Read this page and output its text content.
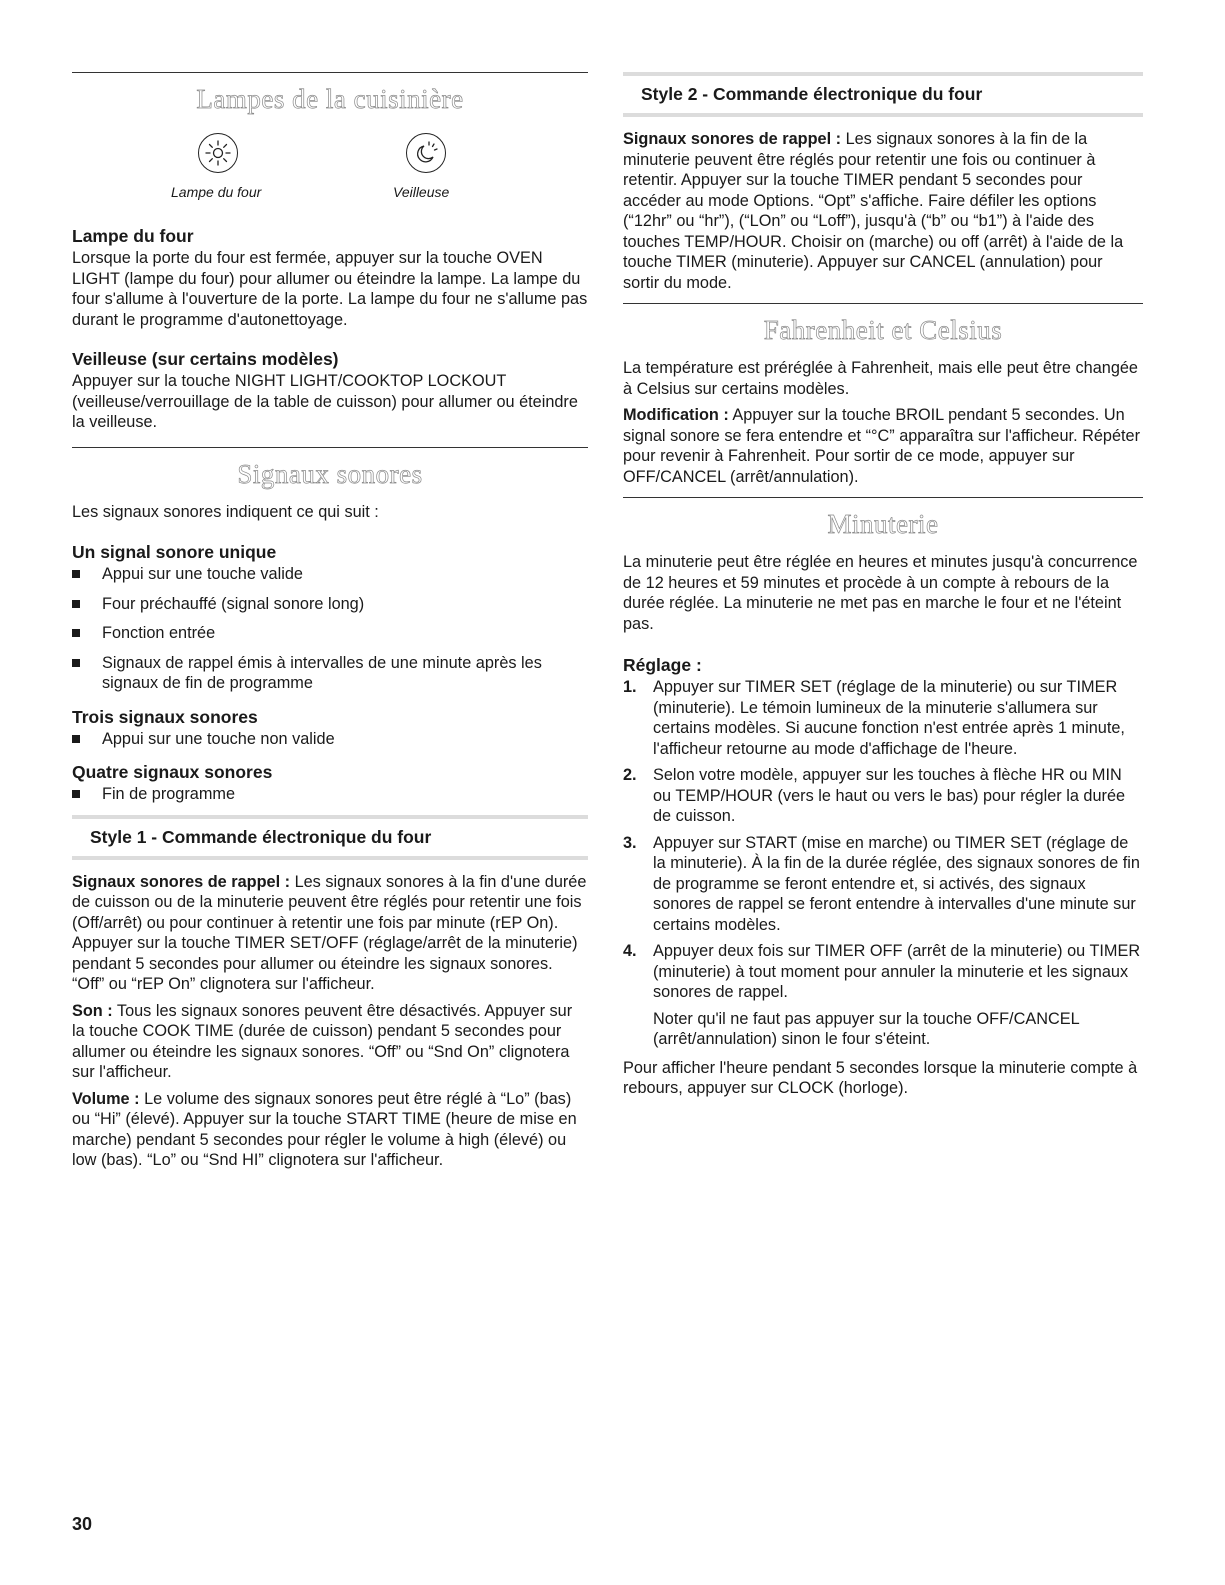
Lampes de la cuisinière
Lampe du four	Veilleuse
Lampe du four

Lorsque la porte du four est fermée, appuyer sur la touche OVEN LIGHT (lampe du four) pour allumer ou éteindre la lampe. La lampe du four s'allume à l'ouverture de la porte. La lampe du four ne s'allume pas durant le programme d'autonettoyage.

Veilleuse (sur certains modèles)

Appuyer sur la touche NIGHT LIGHT/COOKTOP LOCKOUT (veilleuse/verrouillage de la table de cuisson) pour allumer ou éteindre la veilleuse.

Signaux sonores

Les signaux sonores indiquent ce qui suit :

Un signal sonore unique
Appui sur une touche valide
Four préchauffé (signal sonore long)
Fonction entrée
Signaux de rappel émis à intervalles de une minute après les signaux de fin de programme
Trois signaux sonores
Appui sur une touche non valide
Quatre signaux sonores
Fin de programme
Style 1 - Commande électronique du four

Signaux sonores de rappel : Les signaux sonores à la fin d'une durée de cuisson ou de la minuterie peuvent être réglés pour retentir une fois (Off/arrêt) ou pour continuer à retentir une fois par minute (rEP On). Appuyer sur la touche TIMER SET/OFF (réglage/arrêt de la minuterie) pendant 5 secondes pour allumer ou éteindre les signaux sonores. “Off” ou “rEP On” clignotera sur l'afficheur.

Son : Tous les signaux sonores peuvent être désactivés. Appuyer sur la touche COOK TIME (durée de cuisson) pendant 5 secondes pour allumer ou éteindre les signaux sonores. “Off” ou “Snd On” clignotera sur l'afficheur.

Volume : Le volume des signaux sonores peut être réglé à “Lo” (bas) ou “Hi” (élevé). Appuyer sur la touche START TIME (heure de mise en marche) pendant 5 secondes pour régler le volume à high (élevé) ou low (bas). “Lo” ou “Snd HI” clignotera sur l'afficheur.

Style 2 - Commande électronique du four

Signaux sonores de rappel : Les signaux sonores à la fin de la minuterie peuvent être réglés pour retentir une fois ou continuer à retentir. Appuyer sur la touche TIMER pendant 5 secondes pour accéder au mode Options. “Opt” s'affiche. Faire défiler les options (“12hr” ou “hr”), (“LOn” ou “Loff”), jusqu'à (“b” ou “b1”) à l'aide des touches TEMP/HOUR. Choisir on (marche) ou off (arrêt) à l'aide de la touche TIMER (minuterie). Appuyer sur CANCEL (annulation) pour sortir du mode.

Fahrenheit et Celsius

La température est préréglée à Fahrenheit, mais elle peut être changée à Celsius sur certains modèles.

Modification : Appuyer sur la touche BROIL pendant 5 secondes. Un signal sonore se fera entendre et “°C” apparaîtra sur l'afficheur. Répéter pour revenir à Fahrenheit. Pour sortir de ce mode, appuyer sur OFF/CANCEL (arrêt/annulation).

Minuterie

La minuterie peut être réglée en heures et minutes jusqu'à concurrence de 12 heures et 59 minutes et procède à un compte à rebours de la durée réglée. La minuterie ne met pas en marche le four et ne l'éteint pas.

Réglage :
1. Appuyer sur TIMER SET (réglage de la minuterie) ou sur TIMER (minuterie). Le témoin lumineux de la minuterie s'allumera sur certains modèles. Si aucune fonction n'est entrée après 1 minute, l'afficheur retourne au mode d'affichage de l'heure.

2. Selon votre modèle, appuyer sur les touches à flèche HR ou MIN ou TEMP/HOUR (vers le haut ou vers le bas) pour régler la durée de cuisson.

3. Appuyer sur START (mise en marche) ou TIMER SET (réglage de la minuterie). À la fin de la durée réglée, des signaux sonores de fin de programme se feront entendre et, si activés, des signaux sonores de rappel se feront entendre à intervalles d'une minute sur certains modèles.

4. Appuyer deux fois sur TIMER OFF (arrêt de la minuterie) ou TIMER (minuterie) à tout moment pour annuler la minuterie et les signaux sonores de rappel.

Noter qu'il ne faut pas appuyer sur la touche OFF/CANCEL (arrêt/annulation) sinon le four s'éteint.

Pour afficher l'heure pendant 5 secondes lorsque la minuterie compte à rebours, appuyer sur CLOCK (horloge).

30
